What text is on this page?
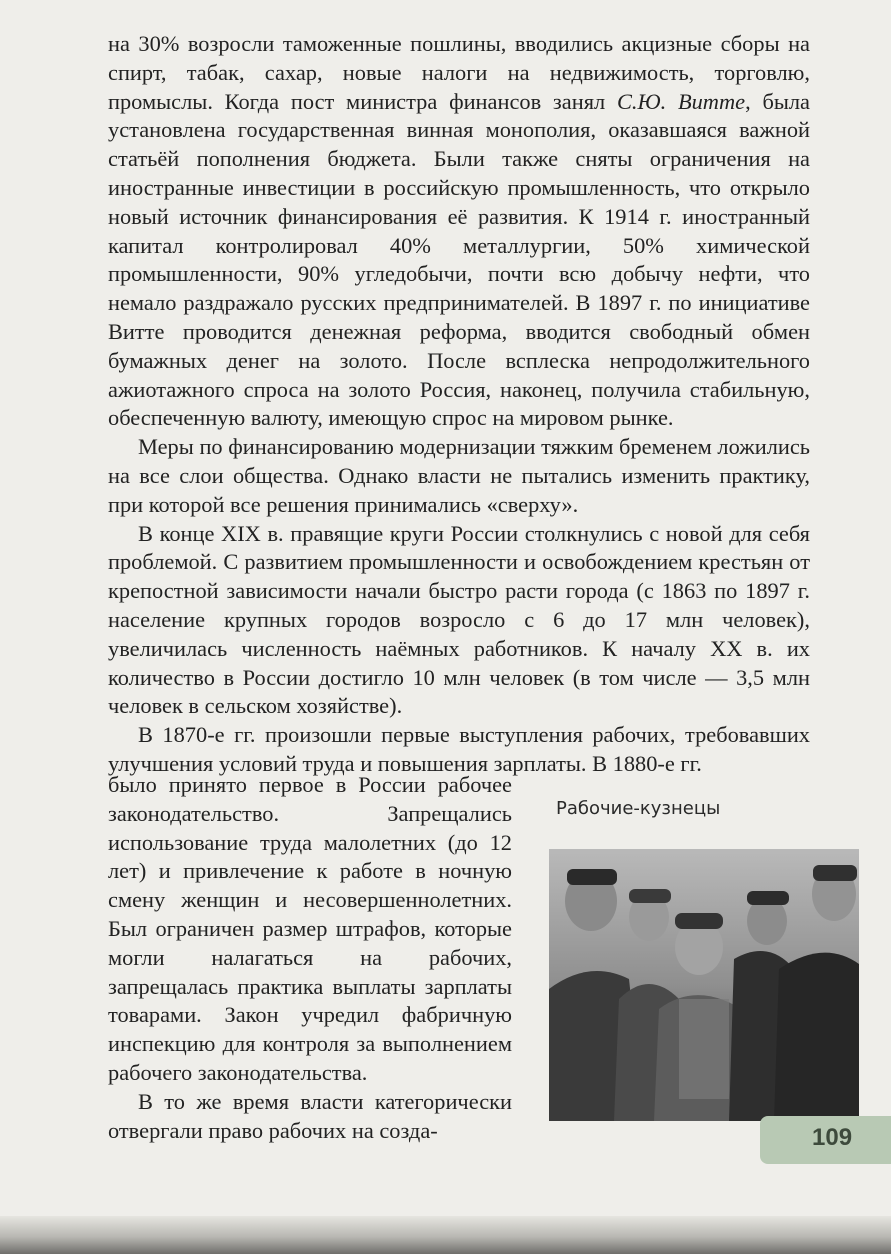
на 30% возросли таможенные пошлины, вводились акцизные сборы на спирт, табак, сахар, новые налоги на недвижимость, торговлю, промыслы. Когда пост министра финансов занял С.Ю. Витте, была установлена государственная винная монополия, оказавшаяся важной статьёй пополнения бюджета. Были также сняты ограничения на иностранные инвестиции в российскую промышленность, что открыло новый источник финансирования её развития. К 1914 г. иностранный капитал контролировал 40% металлургии, 50% химической промышленности, 90% угледобычи, почти всю добычу нефти, что немало раздражало русских предпринимателей. В 1897 г. по инициативе Витте проводится денежная реформа, вводится свободный обмен бумажных денег на золото. После всплеска непродолжительного ажиотажного спроса на золото Россия, наконец, получила стабильную, обеспеченную валюту, имеющую спрос на мировом рынке.

Меры по финансированию модернизации тяжким бременем ложились на все слои общества. Однако власти не пытались изменить практику, при которой все решения принимались «сверху».

В конце XIX в. правящие круги России столкнулись с новой для себя проблемой. С развитием промышленности и освобождением крестьян от крепостной зависимости начали быстро расти города (с 1863 по 1897 г. население крупных городов возросло с 6 до 17 млн человек), увеличилась численность наёмных работников. К началу XX в. их количество в России достигло 10 млн человек (в том числе — 3,5 млн человек в сельском хозяйстве).

В 1870-е гг. произошли первые выступления рабочих, требовавших улучшения условий труда и повышения зарплаты. В 1880-е гг.

было принято первое в России рабочее законодательство. Запрещались использование труда малолетних (до 12 лет) и привлечение к работе в ночную смену женщин и несовершеннолетних. Был ограничен размер штрафов, которые могли налагаться на рабочих, запрещалась практика выплаты зарплаты товарами. Закон учредил фабричную инспекцию для контроля за выполнением рабочего законодательства.

В то же время власти категорически отвергали право рабочих на созда-

Рабочие-кузнецы
109
